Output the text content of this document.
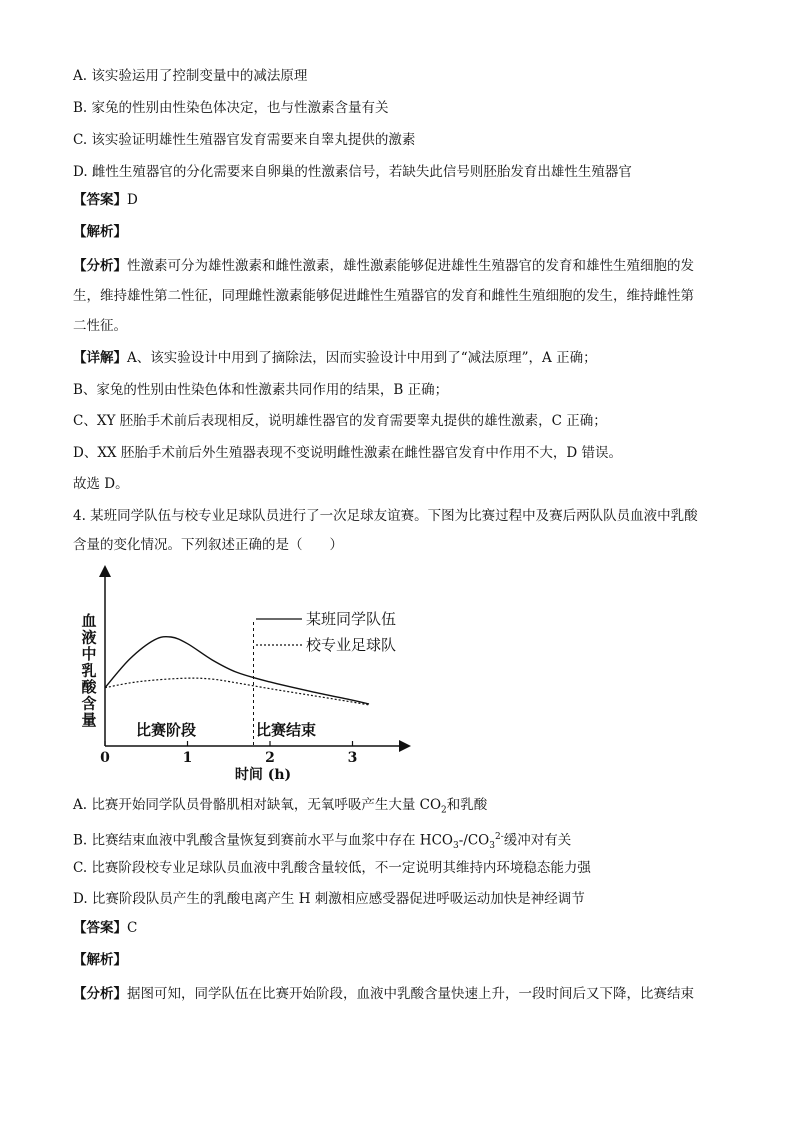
A. 该实验运用了控制变量中的减法原理
B. 家兔的性别由性染色体决定，也与性激素含量有关
C. 该实验证明雄性生殖器官发育需要来自睾丸提供的激素
D. 雌性生殖器官的分化需要来自卵巢的性激素信号，若缺失此信号则胚胎发育出雄性生殖器官
【答案】D
【解析】
【分析】性激素可分为雄性激素和雌性激素，雄性激素能够促进雄性生殖器官的发育和雄性生殖细胞的发
生，维持雄性第二性征，同理雌性激素能够促进雌性生殖器官的发育和雌性生殖细胞的发生，维持雌性第
二性征。
【详解】A、该实验设计中用到了摘除法，因而实验设计中用到了“减法原理”，A 正确；
B、家兔的性别由性染色体和性激素共同作用的结果，B 正确；
C、XY 胚胎手术前后表现相反，说明雄性器官的发育需要睾丸提供的雄性激素，C 正确；
D、XX 胚胎手术前后外生殖器表现不变说明雌性激素在雌性器官发育中作用不大，D 错误。
故选 D。
4. 某班同学队伍与校专业足球队员进行了一次足球友谊赛。下图为比赛过程中及赛后两队队员血液中乳酸
含量的变化情况。下列叙述正确的是（　　）
血
液
中
乳
酸
含
量
0	1	2	3
时间 (h)
比赛阶段	比赛结束
某班同学队伍
校专业足球队
A. 比赛开始同学队员骨骼肌相对缺氧，无氧呼吸产生大量 $CO_2$和乳酸
B. 比赛结束血液中乳酸含量恢复到赛前水平与血浆中存在 $HCO_3-/CO_3^{2-}$缓冲对有关
C. 比赛阶段校专业足球队员血液中乳酸含量较低，不一定说明其维持内环境稳态能力强
D. 比赛阶段队员产生的乳酸电离产生 H 刺激相应感受器促进呼吸运动加快是神经调节
【答案】C
【解析】
【分析】据图可知，同学队伍在比赛开始阶段，血液中乳酸含量快速上升，一段时间后又下降，比赛结束
